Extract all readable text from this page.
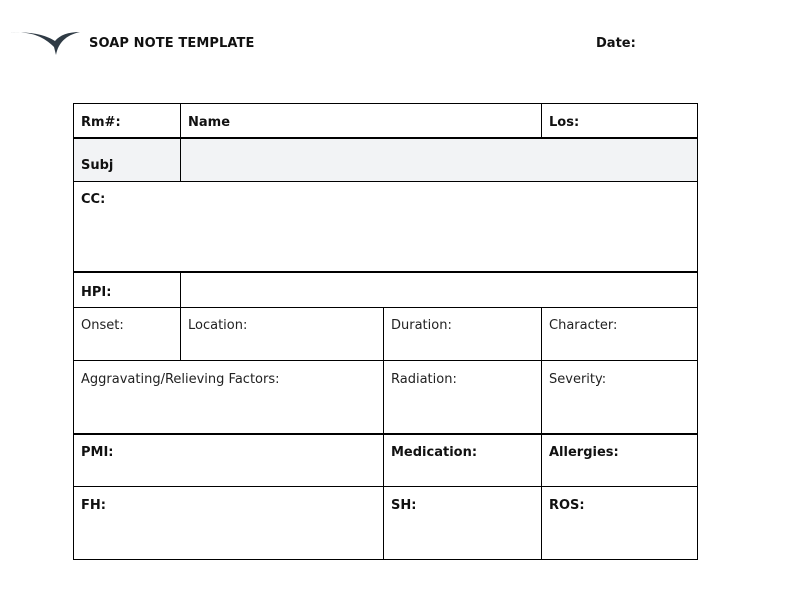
SOAP NOTE TEMPLATE	Date:
Rm#:	Name	Los:
Subj
CC:
HPI:
Onset:	Location:	Duration:	Character:
Aggravating/Relieving Factors:	Radiation:	Severity:
PMI:	Medication:	Allergies:
FH:	SH:	ROS:
